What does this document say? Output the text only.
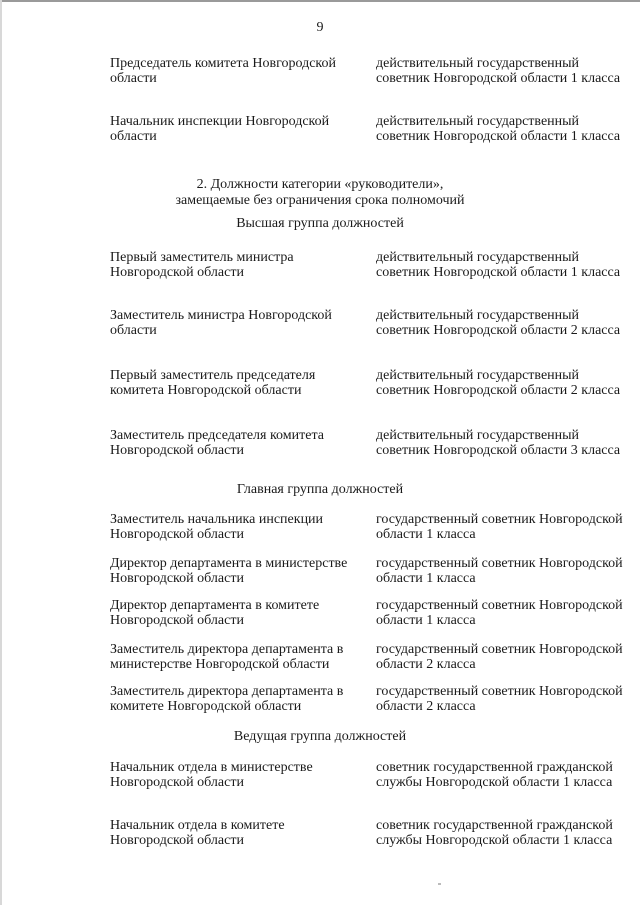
9
Председатель комитета Новгородской области
действительный государственный советник Новгородской области 1 класса
Начальник инспекции Новгородской области
действительный государственный советник Новгородской области 1 класса
2. Должности категории «руководители»,
замещаемые без ограничения срока полномочий
Высшая группа должностей
Первый заместитель министра Новгородской области
действительный государственный советник Новгородской области 1 класса
Заместитель министра Новгородской области
действительный государственный советник Новгородской области 2 класса
Первый заместитель председателя комитета Новгородской области
действительный государственный советник Новгородской области 2 класса
Заместитель председателя комитета Новгородской области
действительный государственный советник Новгородской области 3 класса
Главная группа должностей
Заместитель начальника инспекции Новгородской области
государственный советник Новгородской области 1 класса
Директор департамента в министерстве Новгородской области
государственный советник Новгородской области 1 класса
Директор департамента в комитете Новгородской области
государственный советник Новгородской области 1 класса
Заместитель директора департамента в министерстве Новгородской области
государственный советник Новгородской области 2 класса
Заместитель директора департамента в комитете Новгородской области
государственный советник Новгородской области 2 класса
Ведущая группа должностей
Начальник отдела в министерстве Новгородской области
советник государственной гражданской службы Новгородской области 1 класса
Начальник отдела в комитете Новгородской области
советник государственной гражданской службы Новгородской области 1 класса
